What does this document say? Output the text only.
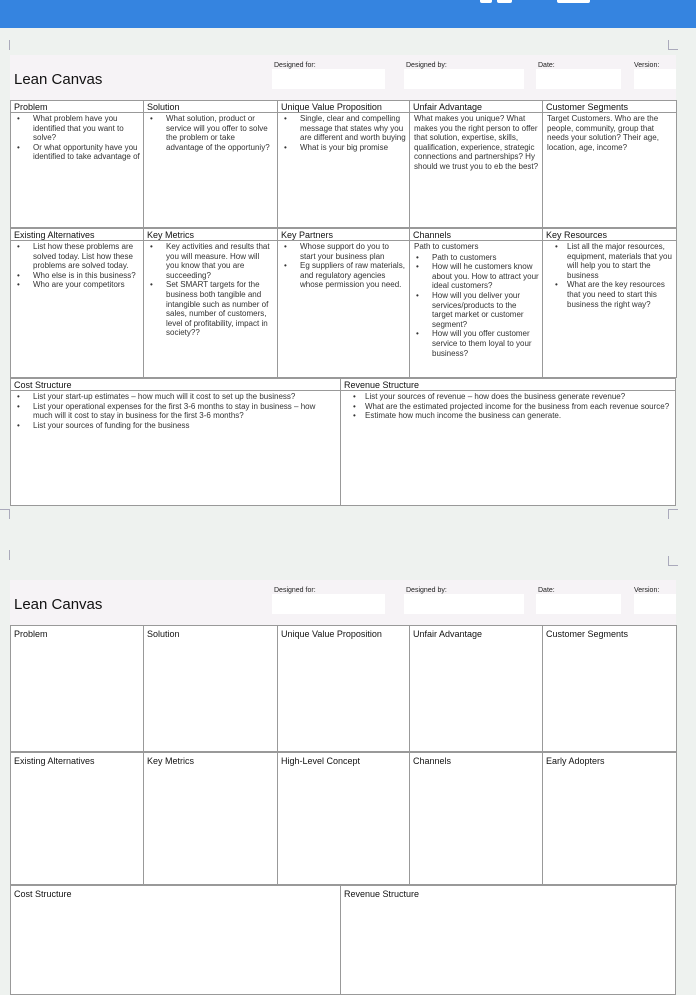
Lean Canvas
Designed for:	Designed by:	Date:	Version:
Problem
• What problem have you identified that you want to solve?
• Or what opportunity have you identified to take advantage of
Solution
• What solution, product or service will you offer to solve the problem or take advantage of the opportuniy?
Unique Value Proposition
• Single, clear and compelling message that states why you are different and worth buying
• What is your big promise
Unfair Advantage
What makes you unique? What makes you the right person to offer that solution, expertise, skills, qualification, experience, strategic connections and partnerships? Hy should we trust you to eb the best?
Customer Segments
Target Customers. Who are the people, community, group that needs your solution? Their age, location, age, income?
Existing Alternatives
• List how these problems are solved today. List how these problems are solved today.
• Who else is in this business?
• Who are your competitors
Key Metrics
• Key activities and results that you will measure. How will you know that you are succeeding?
• Set SMART targets for the business both tangible and intangible such as number of sales, number of customers, level of profitability, impact in society??
Key Partners
• Whose support do you to start your business plan
• Eg suppliers of raw materials, and regulatory agencies whose permission you need.
Channels
Path to customers
• Path to customers
• How will he customers know about you. How to attract your ideal customers?
• How will you deliver your services/products to the target market or customer segment?
• How will you offer customer service to them loyal to your business?
Key Resources
• List all the major resources, equipment, materials that you will help you to start the business
• What are the key resources that you need to start this business the right way?
Cost Structure
• List your start-up estimates – how much will it cost to set up the business?
• List your operational expenses for the first 3-6 months to stay in business – how much will it cost to stay in business for the first 3-6 months?
• List your sources of funding for the business
Revenue Structure
• List your sources of revenue – how does the business generate revenue?
• What are the estimated projected income for the business from each revenue source?
• Estimate how much income the business can generate.
Lean Canvas
Designed for:	Designed by:	Date:	Version:
Problem	Solution	Unique Value Proposition	Unfair Advantage	Customer Segments
Existing Alternatives	Key Metrics	High-Level Concept	Channels	Early Adopters
Cost Structure	Revenue Structure
